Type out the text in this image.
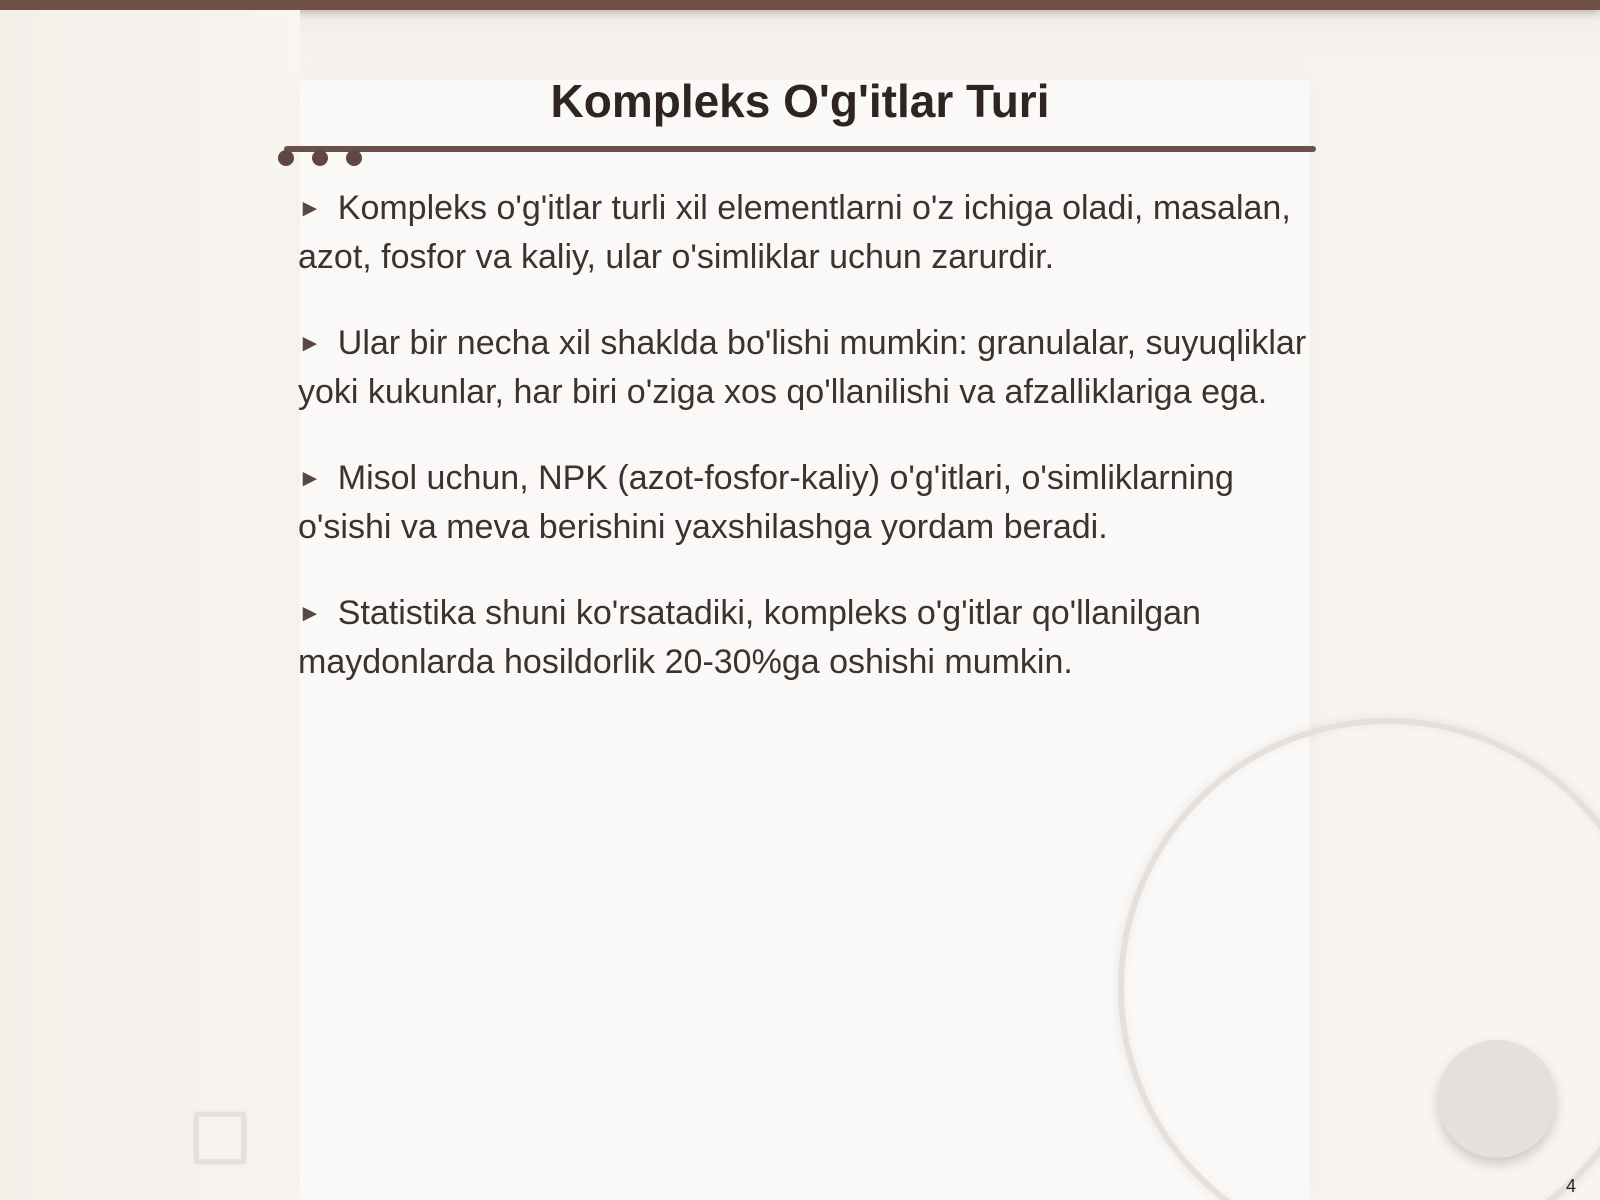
Kompleks O'g'itlar Turi

► Kompleks o'g'itlar turli xil elementlarni o'z ichiga oladi, masalan, azot, fosfor va kaliy, ular o'simliklar uchun zarurdir.

► Ular bir necha xil shaklda bo'lishi mumkin: granulalar, suyuqliklar yoki kukunlar, har biri o'ziga xos qo'llanilishi va afzalliklariga ega.

► Misol uchun, NPK (azot-fosfor-kaliy) o'g'itlari, o'simliklarning o'sishi va meva berishini yaxshilashga yordam beradi.

► Statistika shuni ko'rsatadiki, kompleks o'g'itlar qo'llanilgan maydonlarda hosildorlik 20-30%ga oshishi mumkin.

4
